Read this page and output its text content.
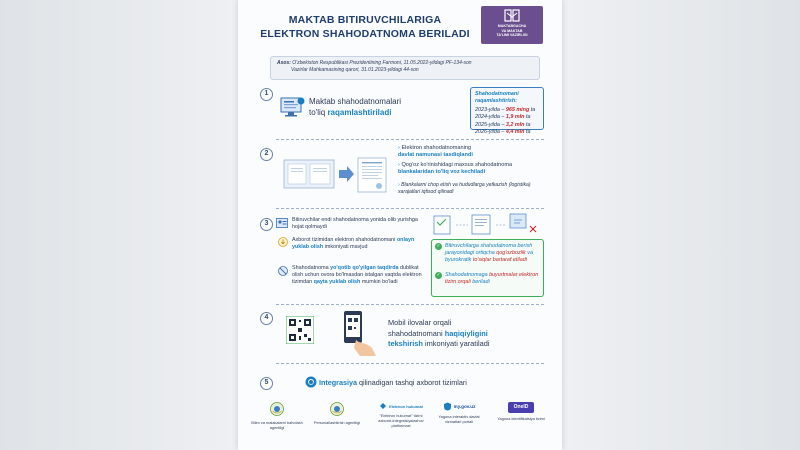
MAKTAB BITIRUVCHILARIGA
ELEKTRON SHAHODATNOMA BERILADI
MAKTABGACHA
VA MAKTAB
TA'LIMI VAZIRLIGI
Asos: O'zbekiston Respublikasi Prezidentining Farmoni, 11.05.2022-yildagi PF-134-son
Vazirlar Mahkamasining qarori, 31.01.2023-yildagi 44-son
1
Maktab shahodatnomalari
to'liq raqamlashtiriladi
Shahodatnomani raqamlashtirish:
2023-yilda – 965 ming ta
2024-yilda – 1,9 mln ta
2025-yilda – 3,2 mln ta
2026-yilda – 4,4 mln ta
2
› Elektron shahodatnomaning
davlat namunasi tasdiqlandi
› Qog'oz ko'rinishidagi maxsus shahodatnoma
blankalaridan to'liq voz kechiladi
› Blankalarni chop etish va hududlarga yetkazish (logistika) xarajatlari iqtisod qilinadi
3	Bitiruvchilar endi shahodatnoma yonida olib yurishga hojat qolmaydi
Axborot tizimidan elektron shahodatnomani onlayn yuklab olish imkoniyati mavjud
Shahodatnoma yo'qotib qo'yilgan taqdirda dublikat olish uchun ovora bo'lmasdan istalgan vaqtda elektron tizimdan qayta yuklab olish mumkin bo'ladi
✓ Bitiruvchilarga shahodatnoma berish jarayonidagi ortiqcha qog'ozbozlik va byurokratik to'siqlar bartaraf etiladi
✓ Shahodatnomaga buyurtmalar elektron tizim orqali beriladi
4
Mobil ilovalar orqali
shahodatnomani haqiqiyligini
tekshirish imkoniyati yaratiladi
5	Integrasiya qilinadigan tashqi axborot tizimlari
Bilim va malakalarni baholash agentligi
Personallashtirish agentligi
Elektron hukumat
"Elektron hukumat" tizimi axborot-integratsiyalashuv platformasi
my.gov.uz
Yagona interaktiv davlat xizmatlari portali
OneID
Yagona identifikatsiya tizimi
